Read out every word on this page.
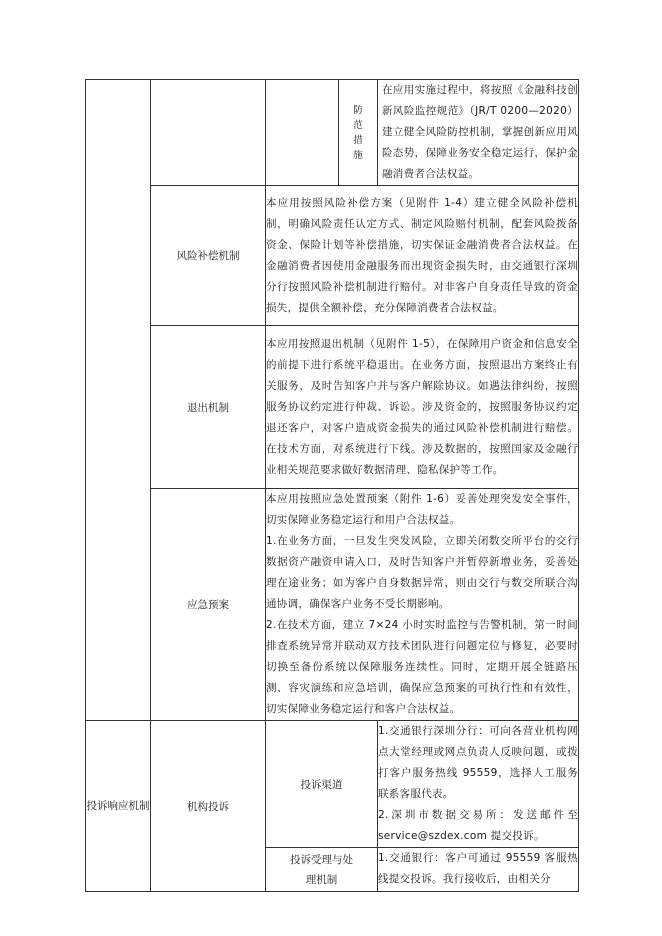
			防
范
措
施	在应用实施过程中，将按照《金融科技创新风险监控规范》（JR/T 0200—2020）建立健全风险防控机制，掌握创新应用风险态势，保障业务安全稳定运行，保护金融消费者合法权益。
	风险补偿机制	本应用按照风险补偿方案（见附件 1-4）建立健全风险补偿机制，明确风险责任认定方式、制定风险赔付机制，配套风险拨备资金、保险计划等补偿措施，切实保证金融消费者合法权益。在金融消费者因使用金融服务而出现资金损失时，由交通银行深圳分行按照风险补偿机制进行赔付。对非客户自身责任导致的资金损失，提供全额补偿，充分保障消费者合法权益。		
	退出机制	本应用按照退出机制（见附件 1-5），在保障用户资金和信息安全的前提下进行系统平稳退出。在业务方面，按照退出方案终止有关服务，及时告知客户并与客户解除协议。如遇法律纠纷，按照服务协议约定进行仲裁、诉讼。涉及资金的，按照服务协议约定退还客户，对客户造成资金损失的通过风险补偿机制进行赔偿。在技术方面，对系统进行下线。涉及数据的，按照国家及金融行业相关规范要求做好数据清理、隐私保护等工作。		
	应急预案	本应用按照应急处置预案（附件 1-6）妥善处理突发安全事件，切实保障业务稳定运行和用户合法权益。

1.在业务方面，一旦发生突发风险，立即关闭数交所平台的交行数据资产融资申请入口，及时告知客户并暂停新增业务，妥善处理在途业务；如为客户自身数据异常，则由交行与数交所联合沟通协调，确保客户业务不受长期影响。

2.在技术方面，建立 7×24 小时实时监控与告警机制，第一时间排查系统异常并联动双方技术团队进行问题定位与修复，必要时切换至备份系统以保障服务连续性。同时，定期开展全链路压测、容灾演练和应急培训，确保应急预案的可执行性和有效性，切实保障业务稳定运行和客户合法权益。		

投诉响应机制	机构投诉	投诉渠道		1.交通银行深圳分行：可向各营业机构网点大堂经理或网点负责人反映问题，或拨打客户服务热线 95559，选择人工服务联系客服代表。

2.深圳市数据交易所：发送邮件至 service@szdex.com 提交投诉。

		投诉受理与处理机制		1.交通银行：客户可通过 95559 客服热线提交投诉。我行接收后，由相关分
